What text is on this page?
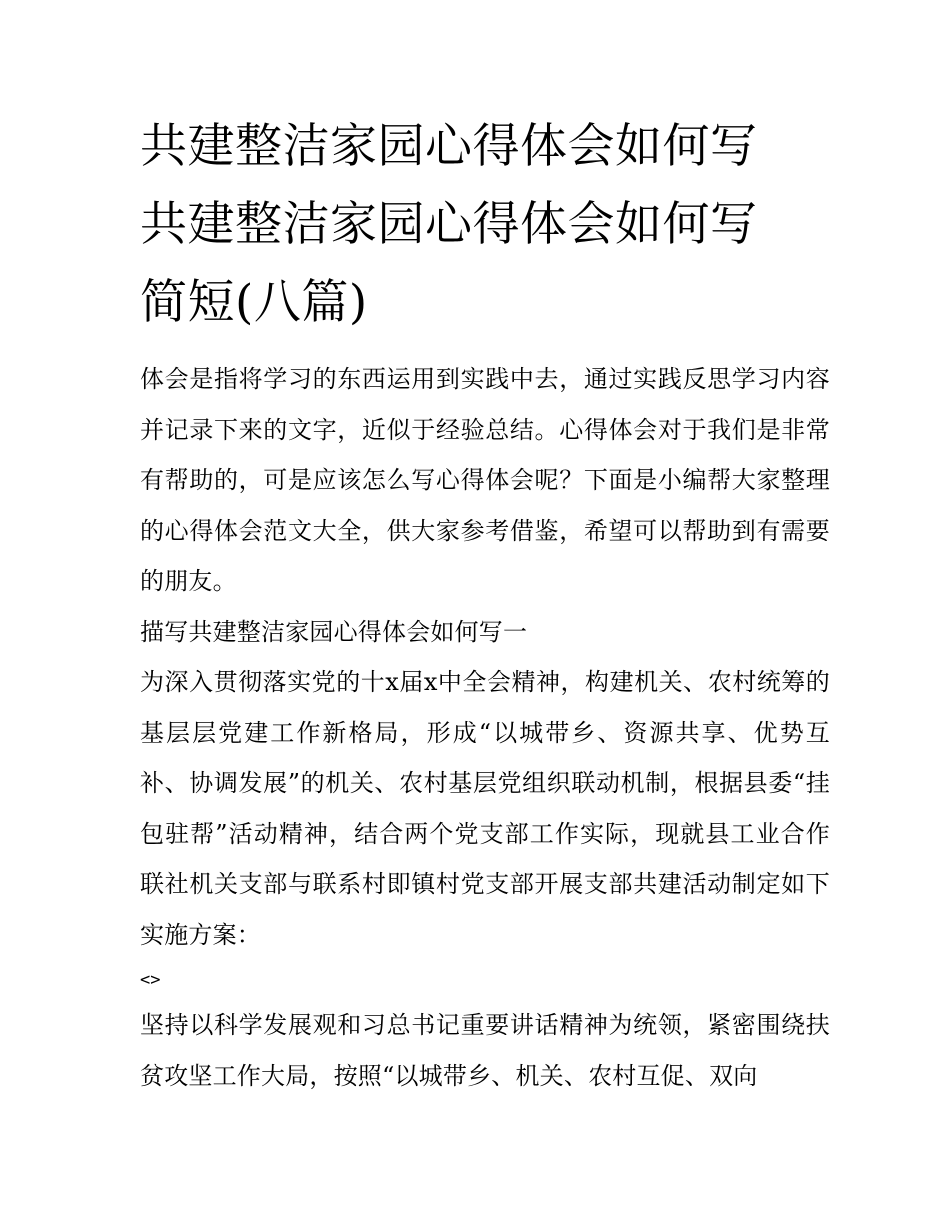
共建整洁家园心得体会如何写
共建整洁家园心得体会如何写
简短(八篇)

体会是指将学习的东西运用到实践中去，通过实践反思学习内容并记录下来的文字，近似于经验总结。心得体会对于我们是非常有帮助的，可是应该怎么写心得体会呢？下面是小编帮大家整理的心得体会范文大全，供大家参考借鉴，希望可以帮助到有需要的朋友。

描写共建整洁家园心得体会如何写一

为深入贯彻落实党的十x届x中全会精神，构建机关、农村统筹的基层层党建工作新格局，形成“以城带乡、资源共享、优势互补、协调发展”的机关、农村基层党组织联动机制，根据县委“挂包驻帮”活动精神，结合两个党支部工作实际，现就县工业合作联社机关支部与联系村即镇村党支部开展支部共建活动制定如下实施方案：

<>

坚持以科学发展观和习总书记重要讲话精神为统领，紧密围绕扶贫攻坚工作大局，按照“以城带乡、机关、农村互促、双向
